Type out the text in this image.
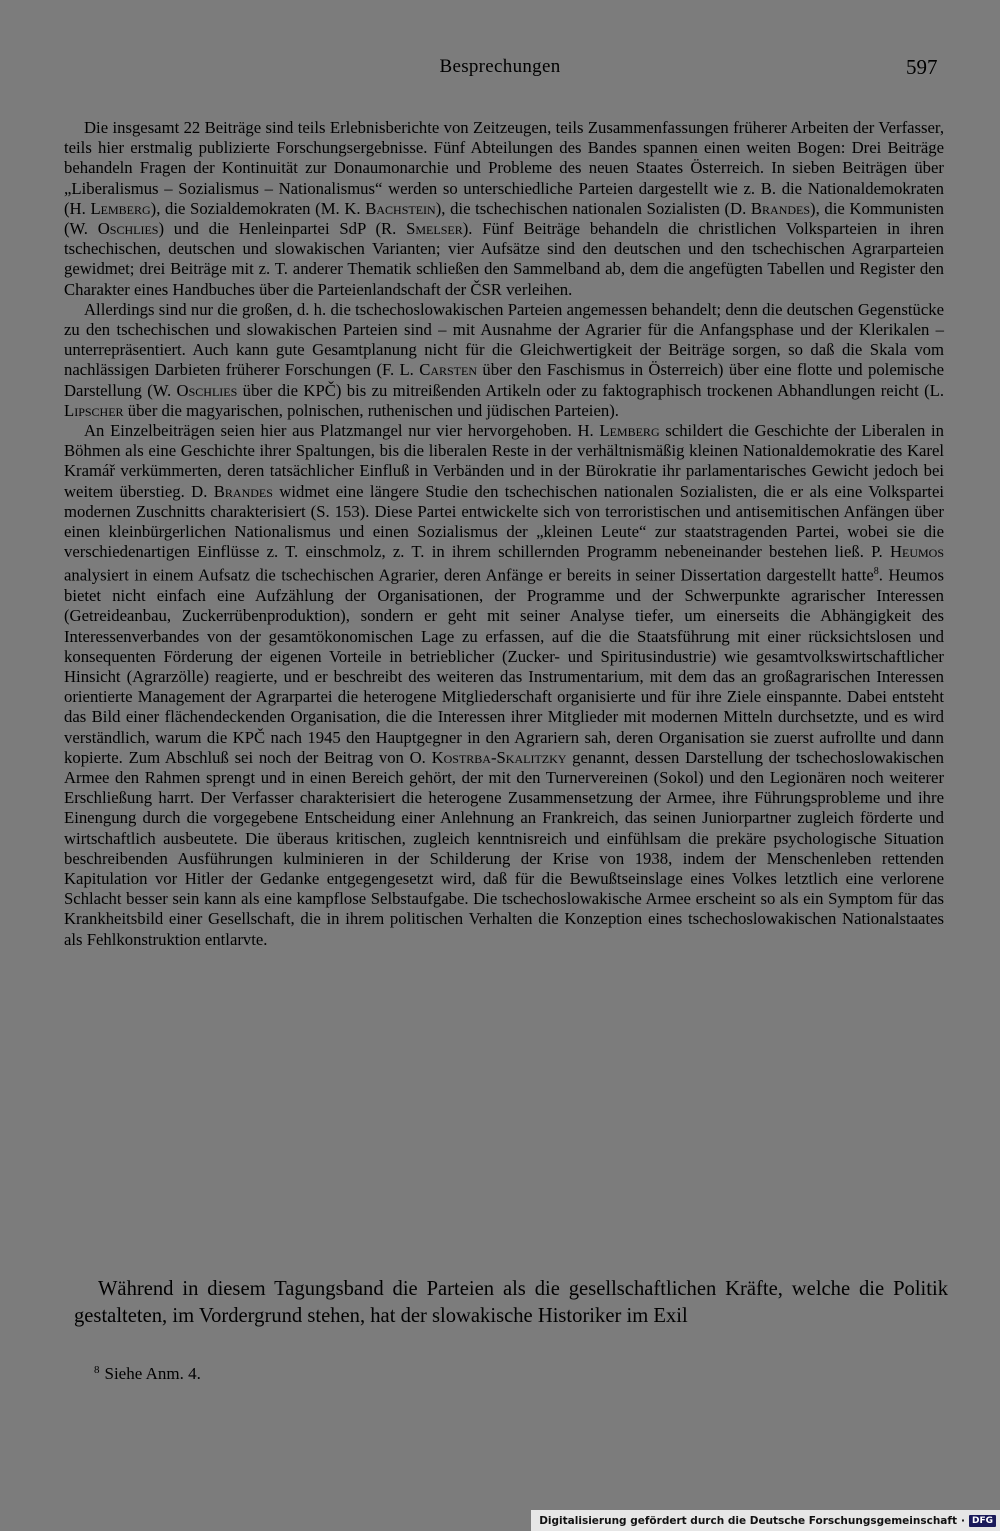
Besprechungen	597

Die insgesamt 22 Beiträge sind teils Erlebnisberichte von Zeitzeugen, teils Zusammenfassungen früherer Arbeiten der Verfasser, teils hier erstmalig publizierte Forschungsergebnisse. Fünf Abteilungen des Bandes spannen einen weiten Bogen: Drei Beiträge behandeln Fragen der Kontinuität zur Donaumonarchie und Probleme des neuen Staates Österreich. In sieben Beiträgen über „Liberalismus – Sozialismus – Nationalismus“ werden so unterschiedliche Parteien dargestellt wie z. B. die Nationaldemokraten (H. Lemberg), die Sozialdemokraten (M. K. Bachstein), die tschechischen nationalen Sozialisten (D. Brandes), die Kommunisten (W. Oschlies) und die Henleinpartei SdP (R. Smelser). Fünf Beiträge behandeln die christlichen Volksparteien in ihren tschechischen, deutschen und slowakischen Varianten; vier Aufsätze sind den deutschen und den tschechischen Agrarparteien gewidmet; drei Beiträge mit z. T. anderer Thematik schließen den Sammelband ab, dem die angefügten Tabellen und Register den Charakter eines Handbuches über die Parteienlandschaft der ČSR verleihen.

Allerdings sind nur die großen, d. h. die tschechoslowakischen Parteien angemessen behandelt; denn die deutschen Gegenstücke zu den tschechischen und slowakischen Parteien sind – mit Ausnahme der Agrarier für die Anfangsphase und der Klerikalen – unterrepräsentiert. Auch kann gute Gesamtplanung nicht für die Gleichwertigkeit der Beiträge sorgen, so daß die Skala vom nachlässigen Darbieten früherer Forschungen (F. L. Carsten über den Faschismus in Österreich) über eine flotte und polemische Darstellung (W. Oschlies über die KPČ) bis zu mitreißenden Artikeln oder zu faktographisch trockenen Abhandlungen reicht (L. Lipscher über die magyarischen, polnischen, ruthenischen und jüdischen Parteien).

An Einzelbeiträgen seien hier aus Platzmangel nur vier hervorgehoben. H. Lemberg schildert die Geschichte der Liberalen in Böhmen als eine Geschichte ihrer Spaltungen, bis die liberalen Reste in der verhältnismäßig kleinen Nationaldemokratie des Karel Kramář verkümmerten, deren tatsächlicher Einfluß in Verbänden und in der Bürokratie ihr parlamentarisches Gewicht jedoch bei weitem überstieg. D. Brandes widmet eine längere Studie den tschechischen nationalen Sozialisten, die er als eine Volkspartei modernen Zuschnitts charakterisiert (S. 153). Diese Partei entwickelte sich von terroristischen und antisemitischen Anfängen über einen kleinbürgerlichen Nationalismus und einen Sozialismus der „kleinen Leute“ zur staatstragenden Partei, wobei sie die verschiedenartigen Einflüsse z. T. einschmolz, z. T. in ihrem schillernden Programm nebeneinander bestehen ließ. P. Heumos analysiert in einem Aufsatz die tschechischen Agrarier, deren Anfänge er bereits in seiner Dissertation dargestellt hatte$^8$. Heumos bietet nicht einfach eine Aufzählung der Organisationen, der Programme und der Schwerpunkte agrarischer Interessen (Getreideanbau, Zuckerrübenproduktion), sondern er geht mit seiner Analyse tiefer, um einerseits die Abhängigkeit des Interessenverbandes von der gesamtökonomischen Lage zu erfassen, auf die die Staatsführung mit einer rücksichtslosen und konsequenten Förderung der eigenen Vorteile in betrieblicher (Zucker- und Spiritusindustrie) wie gesamtvolkswirtschaftlicher Hinsicht (Agrarzölle) reagierte, und er beschreibt des weiteren das Instrumentarium, mit dem das an großagrarischen Interessen orientierte Management der Agrarpartei die heterogene Mitgliederschaft organisierte und für ihre Ziele einspannte. Dabei entsteht das Bild einer flächendeckenden Organisation, die die Interessen ihrer Mitglieder mit modernen Mitteln durchsetzte, und es wird verständlich, warum die KPČ nach 1945 den Hauptgegner in den Agrariern sah, deren Organisation sie zuerst aufrollte und dann kopierte. Zum Abschluß sei noch der Beitrag von O. Kostrba-Skalitzky genannt, dessen Darstellung der tschechoslowakischen Armee den Rahmen sprengt und in einen Bereich gehört, der mit den Turnervereinen (Sokol) und den Legionären noch weiterer Erschließung harrt. Der Verfasser charakterisiert die heterogene Zusammensetzung der Armee, ihre Führungsprobleme und ihre Einengung durch die vorgegebene Entscheidung einer Anlehnung an Frankreich, das seinen Juniorpartner zugleich förderte und wirtschaftlich ausbeutete. Die überaus kritischen, zugleich kenntnisreich und einfühlsam die prekäre psychologische Situation beschreibenden Ausführungen kulminieren in der Schilderung der Krise von 1938, indem der Menschenleben rettenden Kapitulation vor Hitler der Gedanke entgegengesetzt wird, daß für die Bewußtseinslage eines Volkes letztlich eine verlorene Schlacht besser sein kann als eine kampflose Selbstaufgabe. Die tschechoslowakische Armee erscheint so als ein Symptom für das Krankheitsbild einer Gesellschaft, die in ihrem politischen Verhalten die Konzeption eines tschechoslowakischen Nationalstaates als Fehlkonstruktion entlarvte.

Während in diesem Tagungsband die Parteien als die gesellschaftlichen Kräfte, welche die Politik gestalteten, im Vordergrund stehen, hat der slowakische Historiker im Exil

$^8$ Siehe Anm. 4.
Digitalisierung gefördert durch die Deutsche Forschungsgemeinschaft · DFG
